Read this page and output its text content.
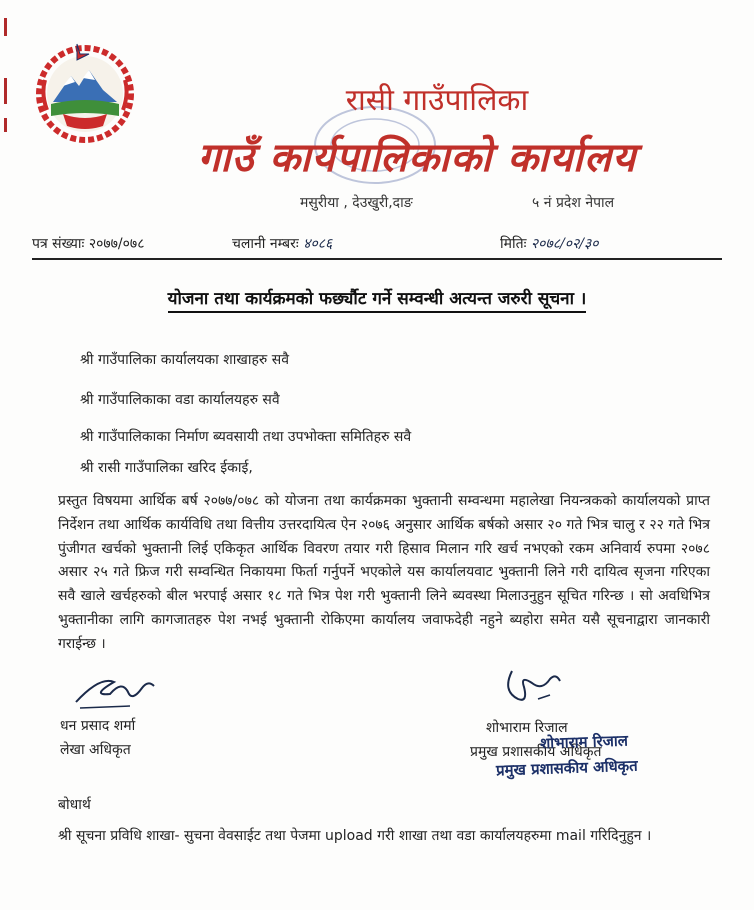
रासी गाउँपालिका
गाउँ कार्यपालिकाको कार्यालय
मसुरीया , देउखुरी,दाङ	५ नं प्रदेश नेपाल
पत्र संख्याः २०७७/०७८	चलानी नम्बरः ४०८६	मितिः २०७८/०२/३०
योजना तथा कार्यक्रमको फर्छ्यौट गर्ने सम्वन्धी अत्यन्त जरुरी सूचना ।
श्री गाउँपालिका कार्यालयका शाखाहरु सवै
श्री गाउँपालिकाका वडा कार्यालयहरु सवै
श्री गाउँपालिकाका निर्माण ब्यवसायी तथा उपभोक्ता समितिहरु सवै
श्री रासी गाउँपालिका खरिद ईकाई,
प्रस्तुत विषयमा आर्थिक बर्ष २०७७/०७८ को योजना तथा कार्यक्रमका भुक्तानी सम्वन्धमा महालेखा नियन्त्रकको कार्यालयको प्राप्त निर्देशन तथा आर्थिक कार्यविधि तथा वित्तीय उत्तरदायित्व ऐन २०७६ अनुसार आर्थिक बर्षको असार २० गते भित्र चालु र २२ गते भित्र पुंजीगत खर्चको भुक्तानी लिई एकिकृत आर्थिक विवरण तयार गरी हिसाव मिलान गरि खर्च नभएको रकम अनिवार्य रुपमा २०७८ असार २५ गते फ्रिज गरी सम्वन्धित निकायमा फिर्ता गर्नुपर्ने भएकोले यस कार्यालयवाट भुक्तानी लिने गरी दायित्व सृजना गरिएका सवै खाले खर्चहरुको बील भरपाई असार १८ गते भित्र पेश गरी भुक्तानी लिने ब्यवस्था मिलाउनुहुन सूचित गरिन्छ । सो अवधिभित्र भुक्तानीका लागि कागजातहरु पेश नभई भुक्तानी रोकिएमा कार्यालय जवाफदेही नहुने ब्यहोरा समेत यसै सूचनाद्वारा जानकारी गराईन्छ ।
धन प्रसाद शर्मा
लेखा अधिकृत
शोभाराम रिजाल
प्रमुख प्रशासकीय अधिकृत
शोभाराम रिजाल
प्रमुख प्रशासकीय अधिकृत
बोधार्थ
श्री सूचना प्रविधि शाखा- सुचना वेवसाईट तथा पेजमा upload गरी शाखा तथा वडा कार्यालयहरुमा mail गरिदिनुहुन ।
